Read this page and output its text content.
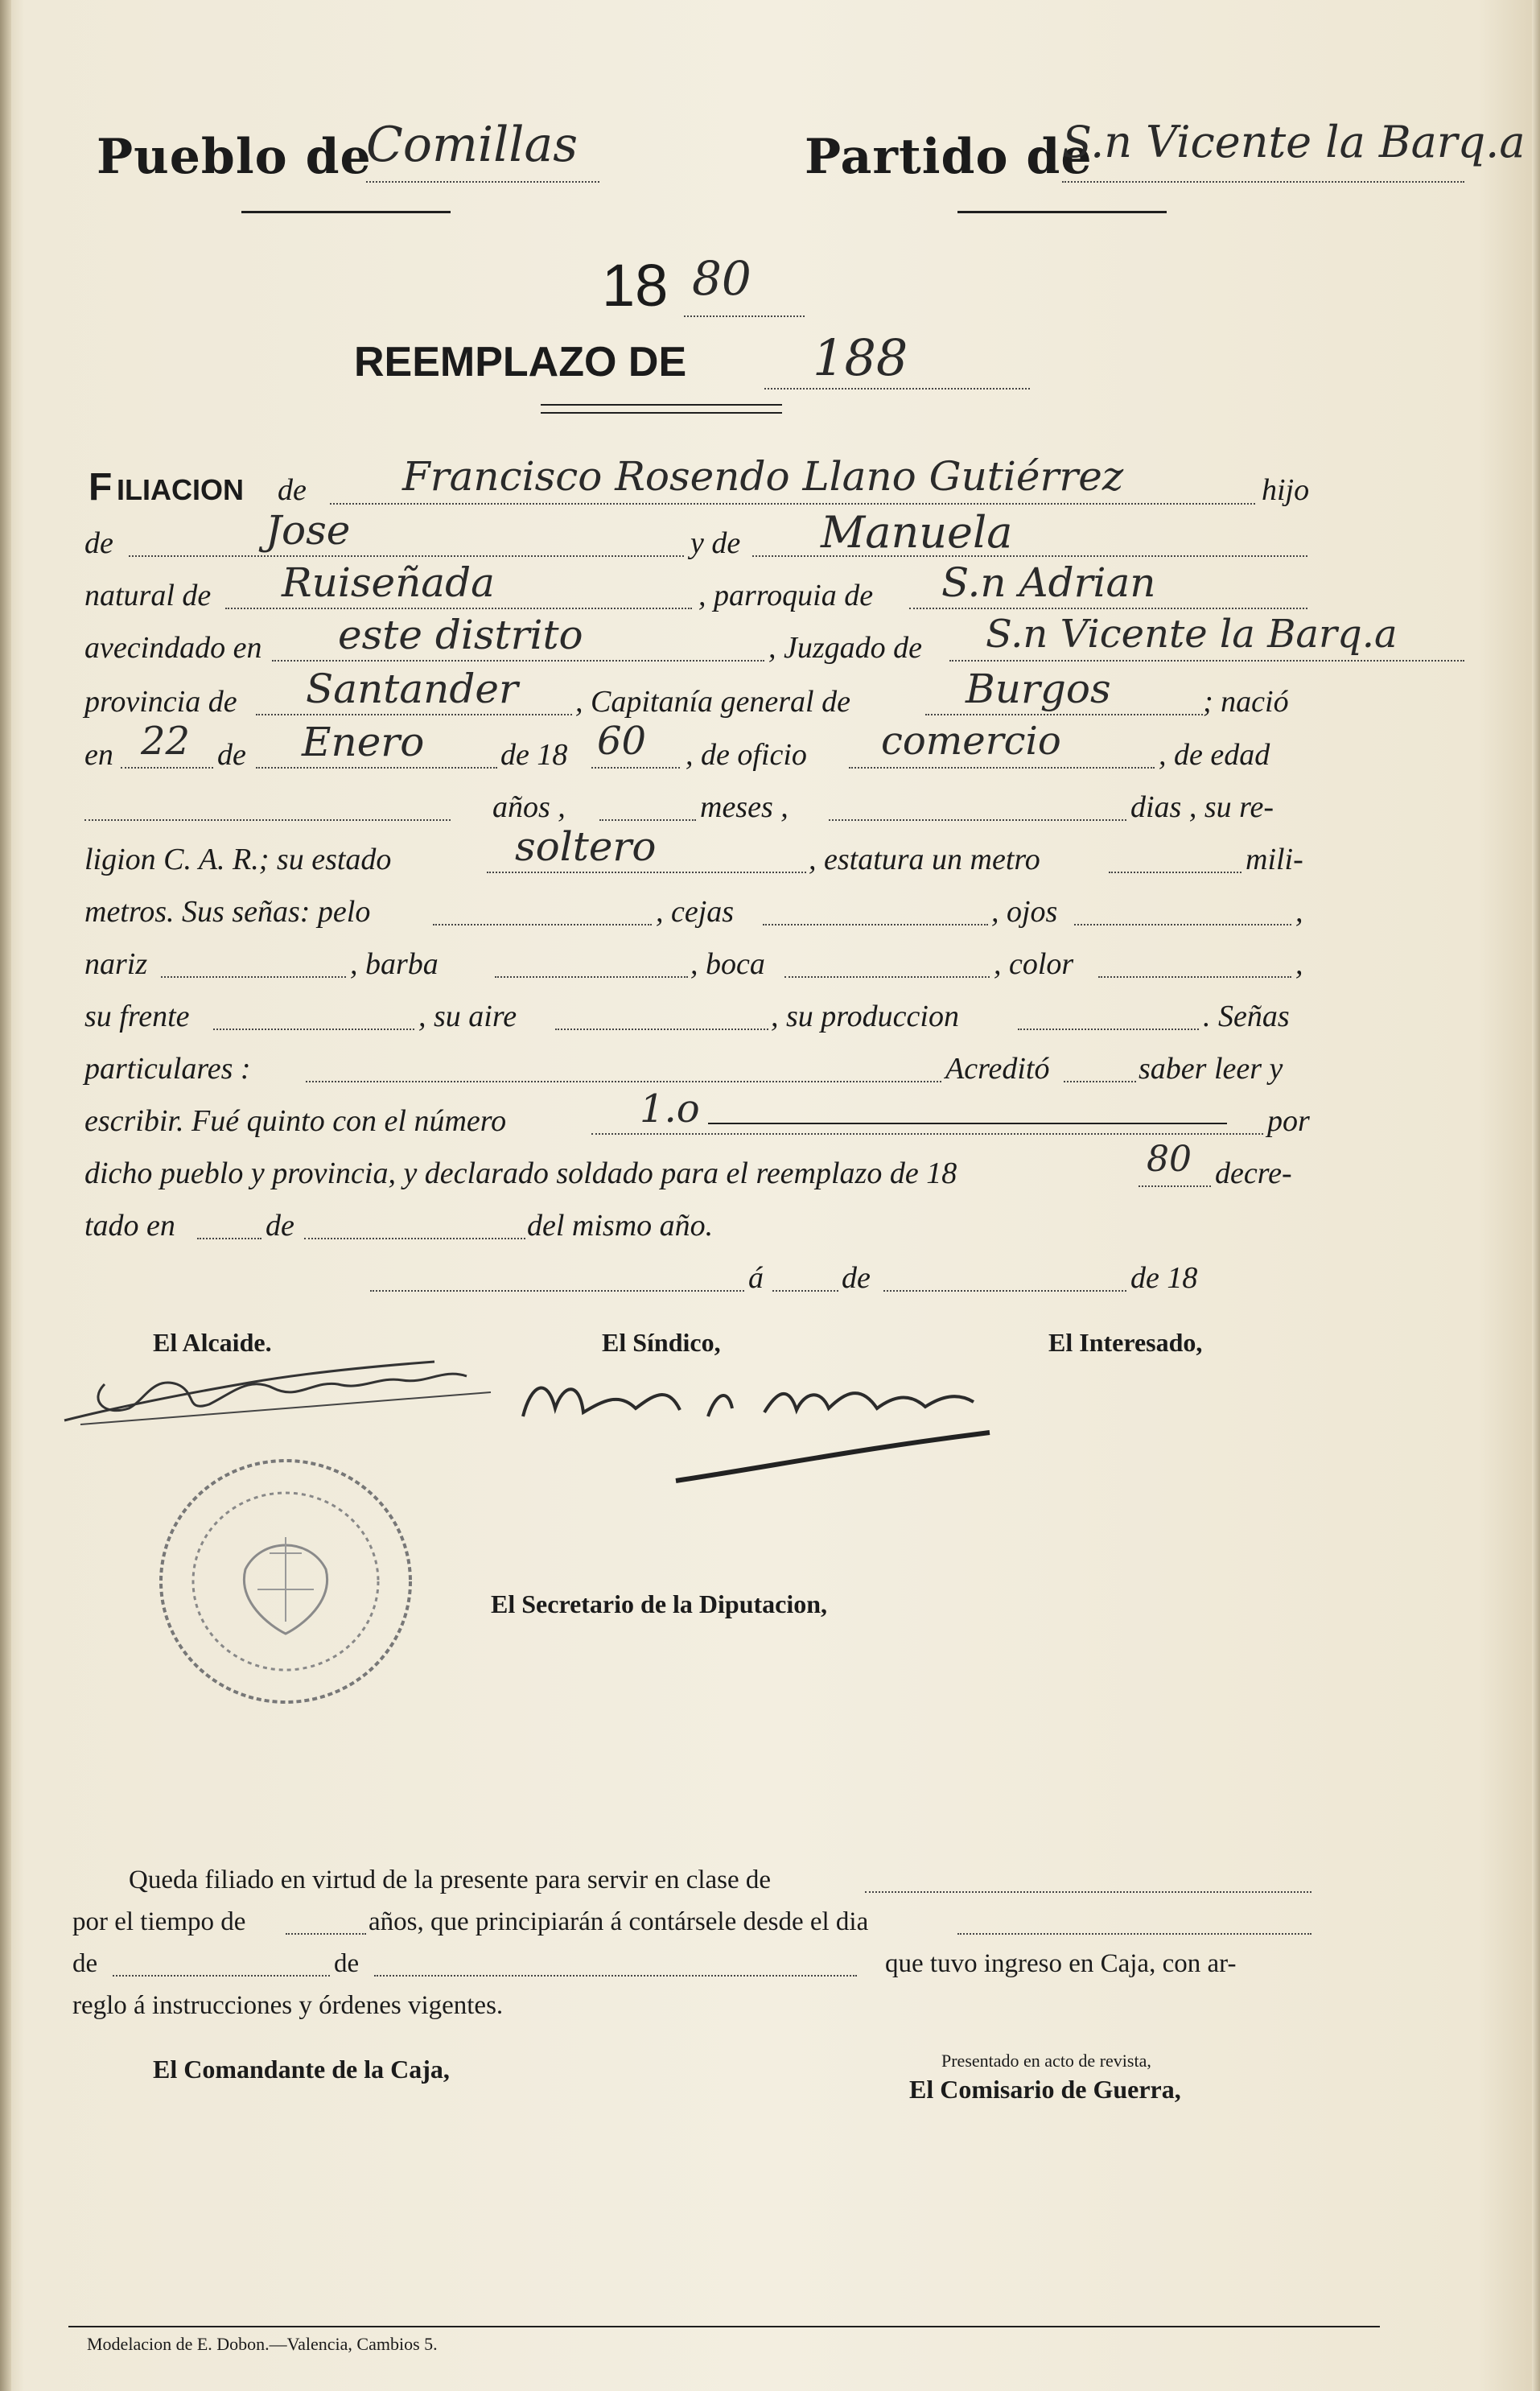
Pueblo de
Comillas	Partido de
S.n Vicente la Barq.a
18 80
REEMPLAZO DE	188
F ILIACION de Francisco Rosendo Llano Gutiérrez	hijo
de	Jose	y de Manuela
natural de Ruiseñada	, parroquia de S.n Adrian
avecindado en este distrito	, Juzgado de S.n Vicente la Barq.a
provincia de Santander , Capitanía general de	Burgos	; nació
en 22 de Enero de 18 60 , de oficio comercio	, de edad
años ,	meses ,	dias , su re-
ligion C. A. R.; su estado	soltero	, estatura un metro	mili-
metros. Sus señas: pelo	, cejas	, ojos	,
nariz	, barba	, boca	, color	,
su frente	, su aire	, su produccion	. Señas
particulares :	Acreditó	saber leer y
escribir. Fué quinto con el número	1.o	por
dicho pueblo y provincia, y declarado soldado para el reemplazo de 18	80 decre-
tado en	de	del mismo año.
á	de	de 18
El Alcaide.	El Síndico,	El Interesado,
El Secretario de la Diputacion,
Queda filiado en virtud de la presente para servir en clase de
por el tiempo de	años, que principiarán á contársele desde el dia
de	de	que tuvo ingreso en Caja, con ar-
reglo á instrucciones y órdenes vigentes.
El Comandante de la Caja,	Presentado en acto de revista,
El Comisario de Guerra,
Modelacion de E. Dobon.—Valencia, Cambios 5.
